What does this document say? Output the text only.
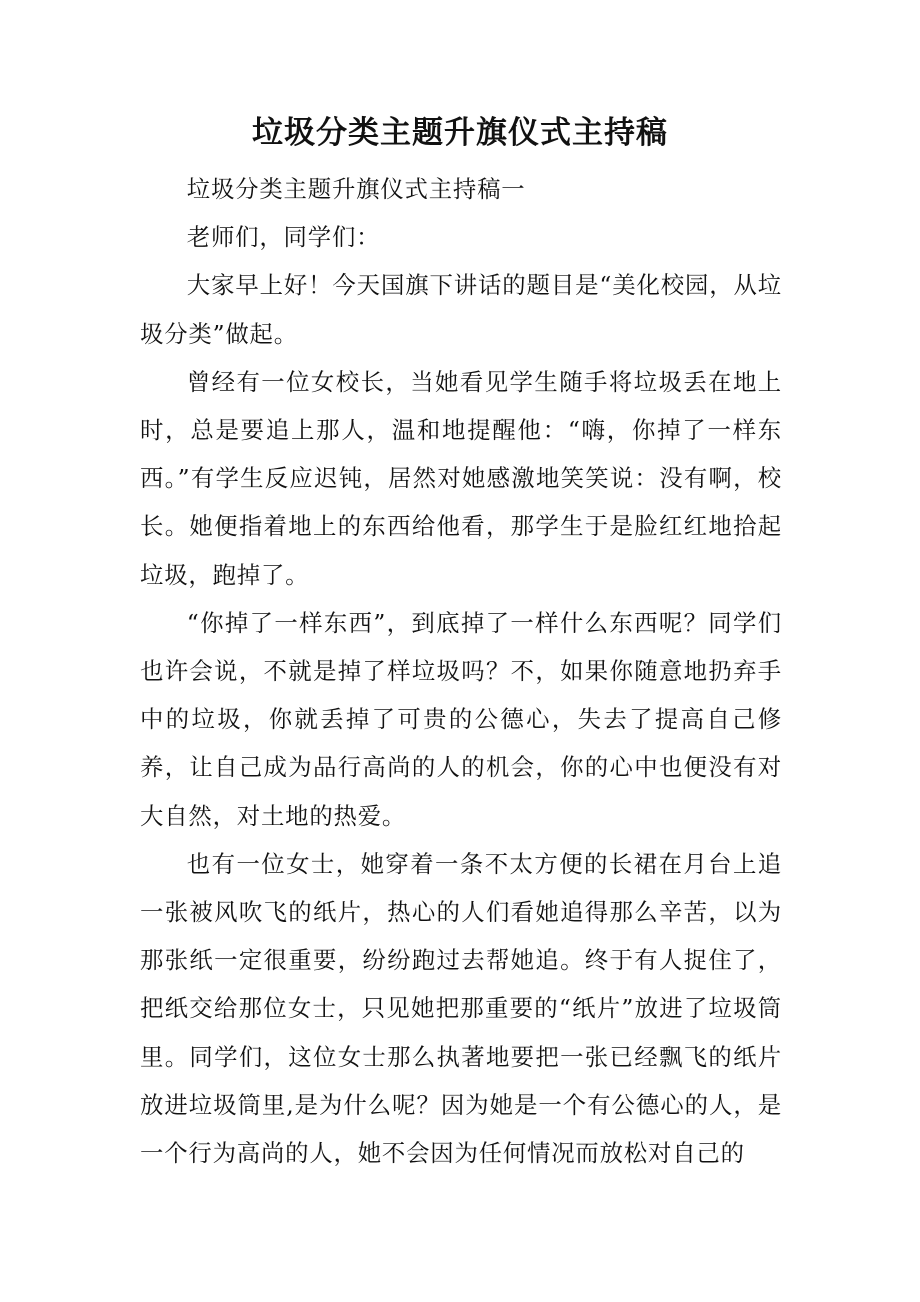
垃圾分类主题升旗仪式主持稿

垃圾分类主题升旗仪式主持稿一

老师们，同学们：

大家早上好！今天国旗下讲话的题目是“美化校园，从垃圾分类”做起。

曾经有一位女校长，当她看见学生随手将垃圾丢在地上时，总是要追上那人，温和地提醒他：“嗨，你掉了一样东西。”有学生反应迟钝，居然对她感激地笑笑说：没有啊，校长。她便指着地上的东西给他看，那学生于是脸红红地拾起垃圾，跑掉了。

“你掉了一样东西”，到底掉了一样什么东西呢？同学们也许会说，不就是掉了样垃圾吗？不，如果你随意地扔弃手中的垃圾，你就丢掉了可贵的公德心，失去了提高自己修养，让自己成为品行高尚的人的机会，你的心中也便没有对大自然，对土地的热爱。

也有一位女士，她穿着一条不太方便的长裙在月台上追一张被风吹飞的纸片，热心的人们看她追得那么辛苦，以为那张纸一定很重要，纷纷跑过去帮她追。终于有人捉住了，把纸交给那位女士，只见她把那重要的“纸片”放进了垃圾筒里。同学们，这位女士那么执著地要把一张已经飘飞的纸片放进垃圾筒里,是为什么呢？因为她是一个有公德心的人，是一个行为高尚的人，她不会因为任何情况而放松对自己的
